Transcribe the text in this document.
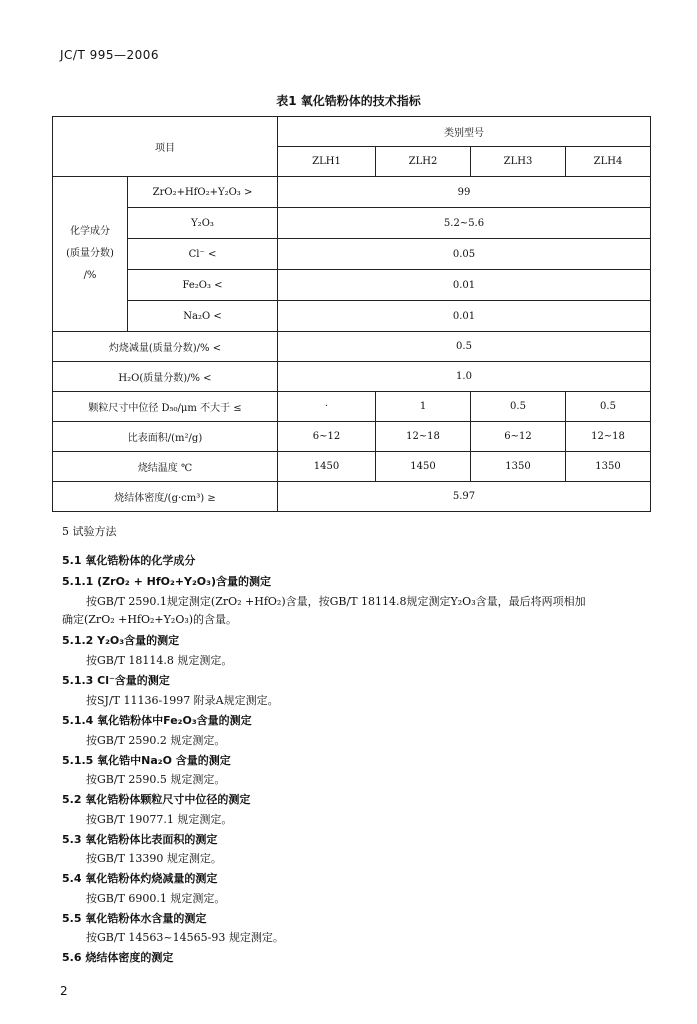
JC/T 995—2006
表1 氧化锆粉体的技术指标
项目		类别型号			
		ZLH1	ZLH2	ZLH3	ZLH4

化学成分
(质量分数)
/%	ZrO₂+HfO₂+Y₂O₃ >	99			
	Y₂O₃	5.2~5.6			
	Cl⁻ <	0.05			
	Fe₂O₃ <	0.01			
	Na₂O <	0.01			
灼烧减量(质量分数)/% <		0.5			
H₂O(质量分数)/% <		1.0			
颗粒尺寸中位径 D₅₀/μm 不大于 ≤		·	1	0.5	0.5
比表面积/(m²/g)		6~12	12~18	6~12	12~18
烧结温度 ℃		1450	1450	1350	1350
烧结体密度/(g·cm³) ≥		5.97			
5 试验方法
5.1 氧化锆粉体的化学成分
5.1.1 (ZrO₂ + HfO₂+Y₂O₃)含量的测定
按GB/T 2590.1规定测定(ZrO₂ +HfO₂)含量，按GB/T 18114.8规定测定Y₂O₃含量，最后将两项相加
确定(ZrO₂ +HfO₂+Y₂O₃)的含量。
5.1.2 Y₂O₃含量的测定
按GB/T 18114.8 规定测定。
5.1.3 Cl⁻含量的测定
按SJ/T 11136-1997 附录A规定测定。
5.1.4 氧化锆粉体中Fe₂O₃含量的测定
按GB/T 2590.2 规定测定。
5.1.5 氧化锆中Na₂O 含量的测定
按GB/T 2590.5 规定测定。
5.2 氧化锆粉体颗粒尺寸中位径的测定
按GB/T 19077.1 规定测定。
5.3 氧化锆粉体比表面积的测定
按GB/T 13390 规定测定。
5.4 氧化锆粉体灼烧减量的测定
按GB/T 6900.1 规定测定。
5.5 氧化锆粉体水含量的测定
按GB/T 14563~14565-93 规定测定。
5.6 烧结体密度的测定
2
